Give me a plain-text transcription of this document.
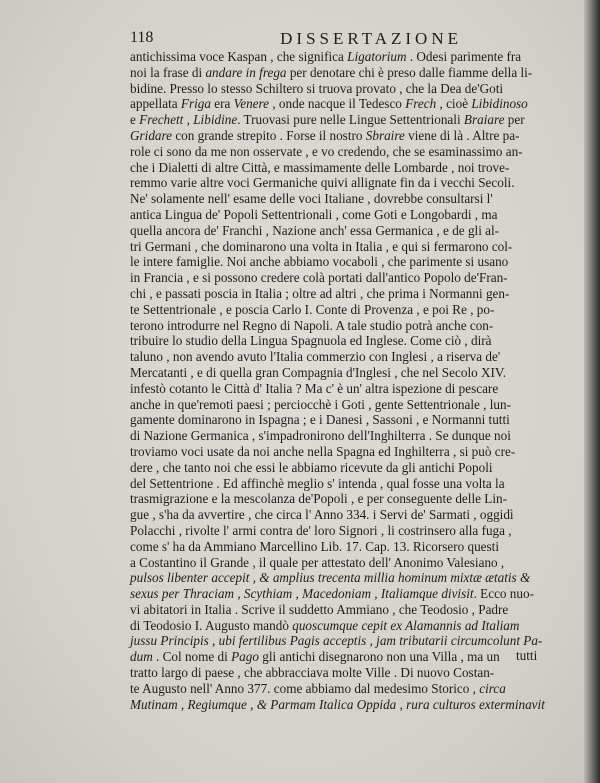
118	DISSERTAZIONE
antichissima voce Kaspan , che significa Ligatorium . Odesi parimente fra
noi la frase di andare in frega per denotare chi è preso dalle fiamme della li-
bidine. Presso lo stesso Schiltero si truova provato , che la Dea de'Goti
appellata Friga era Venere , onde nacque il Tedesco Frech , cioè Libidinoso
e Frechett , Libidine. Truovasi pure nelle Lingue Settentrionali Braiare per
Gridare con grande strepito . Forse il nostro Sbraire viene di là . Altre pa-
role ci sono da me non osservate , e vo credendo, che se esaminassimo an-
che i Dialetti di altre Città, e massimamente delle Lombarde , noi trove-
remmo varie altre voci Germaniche quivi allignate fin da i vecchi Secoli.
Ne' solamente nell' esame delle voci Italiane , dovrebbe consultarsi l'
antica Lingua de' Popoli Settentrionali , come Goti e Longobardi , ma
quella ancora de' Franchi , Nazione anch' essa Germanica , e de gli al-
tri Germani , che dominarono una volta in Italia , e qui si fermarono col-
le intere famiglie. Noi anche abbiamo vocaboli , che parimente si usano
in Francia , e si possono credere colà portati dall'antico Popolo de'Fran-
chi , e passati poscia in Italia ; oltre ad altri , che prima i Normanni gen-
te Settentrionale , e poscia Carlo I. Conte di Provenza , e poi Re , po-
terono introdurre nel Regno di Napoli. A tale studio potrà anche con-
tribuire lo studio della Lingua Spagnuola ed Inglese. Come ciò , dirà
taluno , non avendo avuto l'Italia commerzio con Inglesi , a riserva de'
Mercatanti , e di quella gran Compagnia d'Inglesi , che nel Secolo XIV.
infestò cotanto le Città d' Italia ? Ma c' è un' altra ispezione di pescare
anche in que'remoti paesi ; perciocchè i Goti , gente Settentrionale , lun-
gamente dominarono in Ispagna ; e i Danesi , Sassoni , e Normanni tutti
di Nazione Germanica , s'impadronirono dell'Inghilterra . Se dunque noi
troviamo voci usate da noi anche nella Spagna ed Inghilterra , si può cre-
dere , che tanto noi che essi le abbiamo ricevute da gli antichi Popoli
del Settentrione . Ed affinchè meglio s' intenda , qual fosse una volta la
trasmigrazione e la mescolanza de'Popoli , e per conseguente delle Lin-
gue , s'ha da avvertire , che circa l' Anno 334. i Servi de' Sarmati , oggidì
Polacchi , rivolte l' armi contra de' loro Signori , li costrinsero alla fuga ,
come s' ha da Ammiano Marcellino Lib. 17. Cap. 13. Ricorsero questi
a Costantino il Grande , il quale per attestato dell' Anonimo Valesiano ,
pulsos libenter accepit , & amplius trecenta millia hominum mixtæ ætatis &
sexus per Thraciam , Scythiam , Macedoniam , Italiamque divisit. Ecco nuo-
vi abitatori in Italia . Scrive il suddetto Ammiano , che Teodosio , Padre
di Teodosio I. Augusto mandò quoscumque cepit ex Alamannis ad Italiam
jussu Principis , ubi fertilibus Pagis acceptis , jam tributarii circumcolunt Pa-
dum . Col nome di Pago gli antichi disegnarono non una Villa , ma un
tratto largo di paese , che abbracciava molte Ville . Di nuovo Costan-
te Augusto nell' Anno 377. come abbiamo dal medesimo Storico , circa
Mutinam , Regiumque , & Parmam Italica Oppida , rura culturos exterminavit
tutti
